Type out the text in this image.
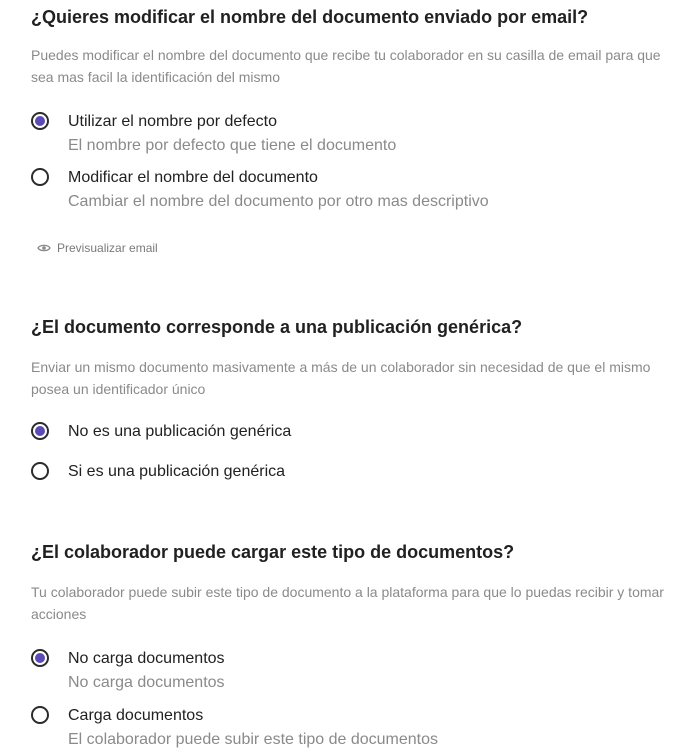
¿Quieres modificar el nombre del documento enviado por email?

Puedes modificar el nombre del documento que recibe tu colaborador en su casilla de email para que sea mas facil la identificación del mismo

Utilizar el nombre por defecto
El nombre por defecto que tiene el documento
Modificar el nombre del documento
Cambiar el nombre del documento por otro mas descriptivo
Previsualizar email
¿El documento corresponde a una publicación genérica?

Enviar un mismo documento masivamente a más de un colaborador sin necesidad de que el mismo posea un identificador único

No es una publicación genérica
Si es una publicación genérica
¿El colaborador puede cargar este tipo de documentos?

Tu colaborador puede subir este tipo de documento a la plataforma para que lo puedas recibir y tomar acciones

No carga documentos
No carga documentos
Carga documentos
El colaborador puede subir este tipo de documentos
